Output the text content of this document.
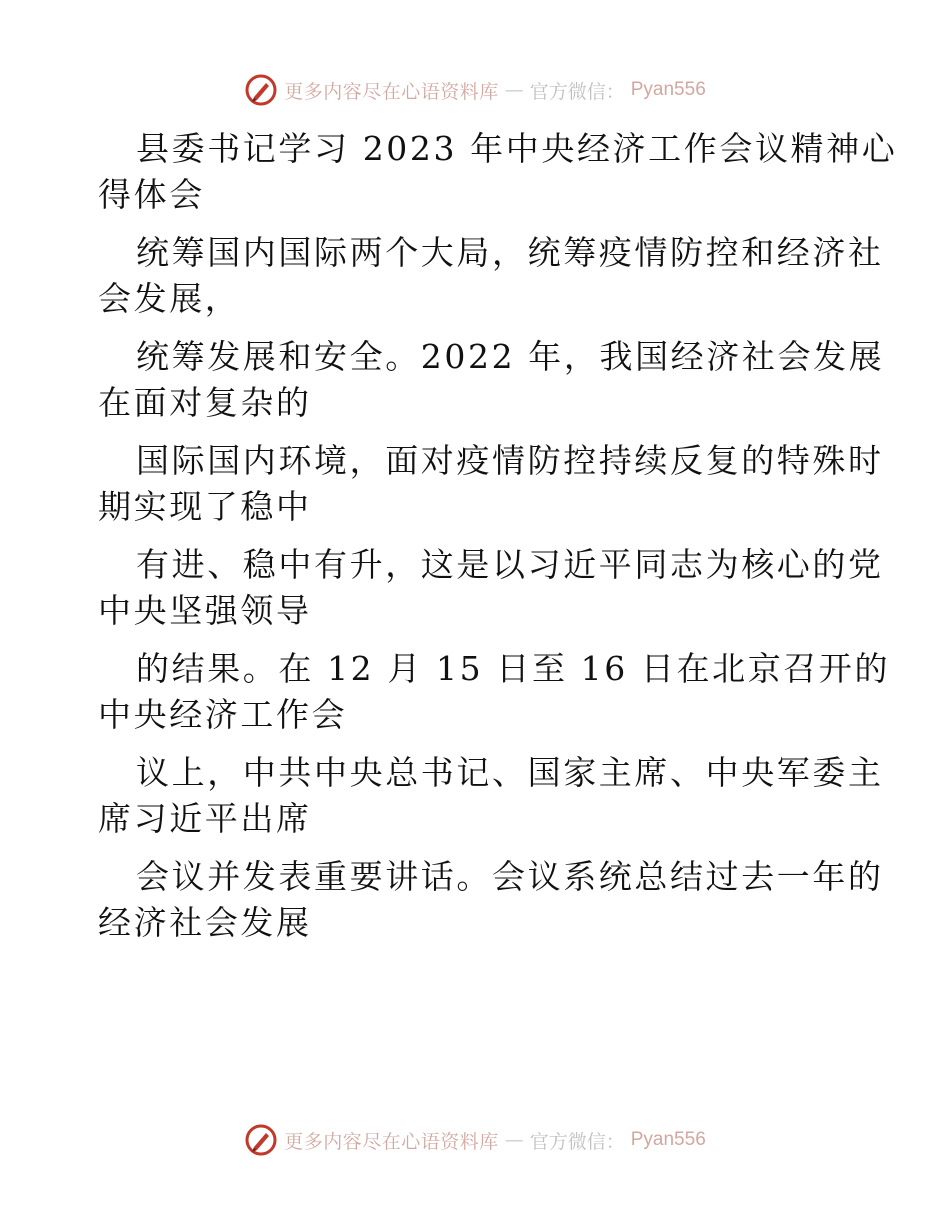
更多内容尽在心语资料库 — 官方微信： Pyan556

县委书记学习 2023 年中央经济工作会议精神心
得体会

统筹国内国际两个大局，统筹疫情防控和经济社
会发展，

统筹发展和安全。2022 年，我国经济社会发展
在面对复杂的

国际国内环境，面对疫情防控持续反复的特殊时
期实现了稳中

有进、稳中有升，这是以习近平同志为核心的党
中央坚强领导

的结果。在 12 月 15 日至 16 日在北京召开的
中央经济工作会

议上，中共中央总书记、国家主席、中央军委主
席习近平出席

会议并发表重要讲话。会议系统总结过去一年的
经济社会发展

更多内容尽在心语资料库 — 官方微信： Pyan556
